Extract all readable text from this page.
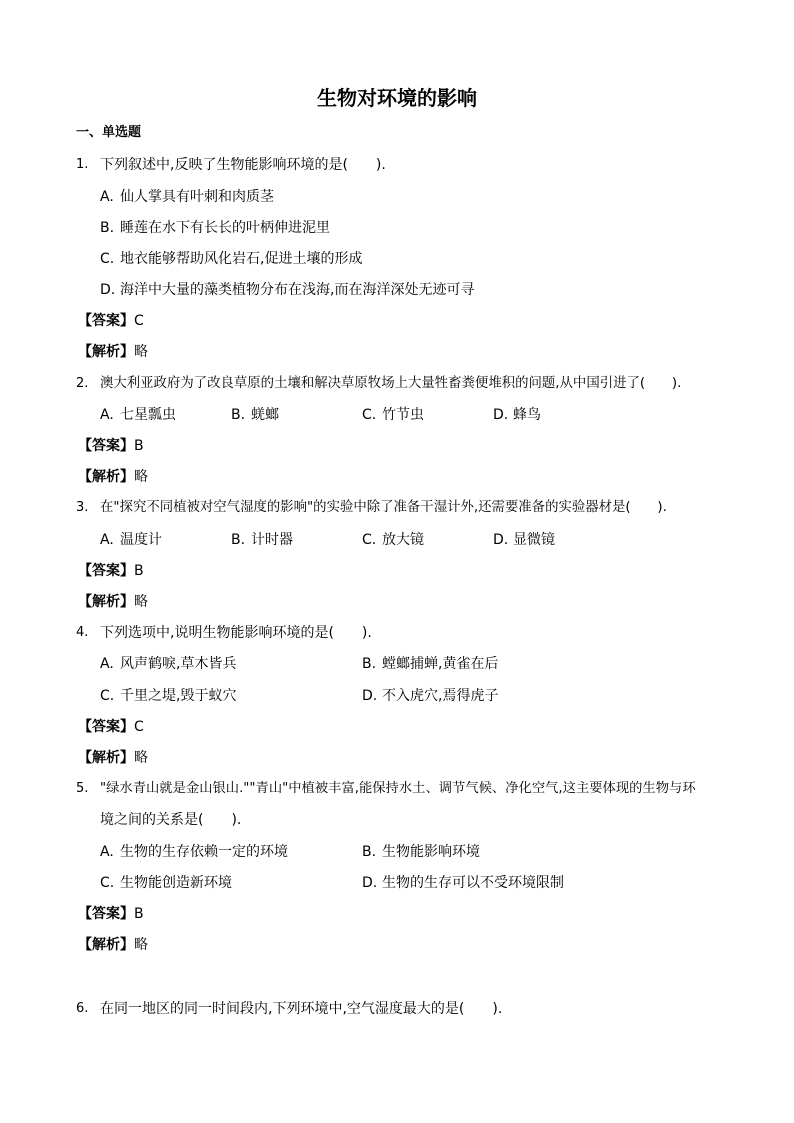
生物对环境的影响
一、单选题
1. 下列叙述中,反映了生物能影响环境的是(　　).
A. 仙人掌具有叶刺和肉质茎
B. 睡莲在水下有长长的叶柄伸进泥里
C. 地衣能够帮助风化岩石,促进土壤的形成
D. 海洋中大量的藻类植物分布在浅海,而在海洋深处无迹可寻
【答案】C
【解析】略
2. 澳大利亚政府为了改良草原的土壤和解决草原牧场上大量牲畜粪便堆积的问题,从中国引进了(　　).
A. 七星瓢虫	B. 蜣螂	C. 竹节虫	D. 蜂鸟
【答案】B
【解析】略
3. 在"探究不同植被对空气湿度的影响"的实验中除了准备干湿计外,还需要准备的实验器材是(　　).
A. 温度计	B. 计时器	C. 放大镜	D. 显微镜
【答案】B
【解析】略
4. 下列选项中,说明生物能影响环境的是(　　).
A. 风声鹤唳,草木皆兵	B. 螳螂捕蝉,黄雀在后
C. 千里之堤,毁于蚁穴	D. 不入虎穴,焉得虎子
【答案】C
【解析】略
5. "绿水青山就是金山银山.""青山"中植被丰富,能保持水土、调节气候、净化空气,这主要体现的生物与环
境之间的关系是(　　).
A. 生物的生存依赖一定的环境	B. 生物能影响环境
C. 生物能创造新环境	D. 生物的生存可以不受环境限制
【答案】B
【解析】略
6. 在同一地区的同一时间段内,下列环境中,空气湿度最大的是(　　).
